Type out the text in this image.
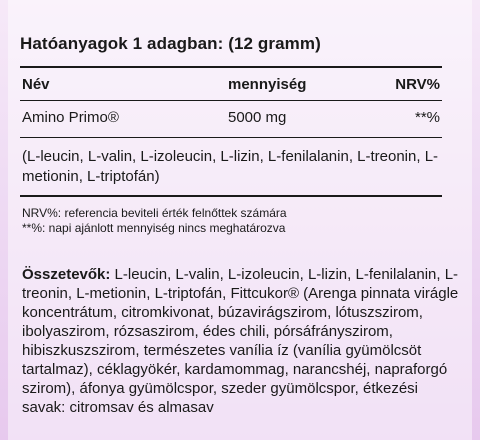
Hatóanyagok 1 adagban: (12 gramm)
Név	mennyiség	NRV%
Amino Primo®	5000 mg	**%
(L-leucin, L-valin, L-izoleucin, L-lizin, L-fenilalanin, L-treonin, L-metionin, L-triptofán)
NRV%: referencia beviteli érték felnőttek számára
**%: napi ajánlott mennyiség nincs meghatározva
Összetevők: L-leucin, L-valin, L-izoleucin, L-lizin, L-fenilalanin, L-treonin, L-metionin, L-triptofán, Fittcukor® (Arenga pinnata virágle koncentrátum, citromkivonat, búzavirágszirom, lótuszszirom, ibolyaszirom, rózsaszirom, édes chili, pórsáfrányszirom, hibiszkuszszirom, természetes vanília íz (vanília gyümölcsöt tartalmaz), céklagyökér, kardamommag, narancshéj, napraforgó szirom), áfonya gyümölcspor, szeder gyümölcspor, étkezési savak: citromsav és almasav
